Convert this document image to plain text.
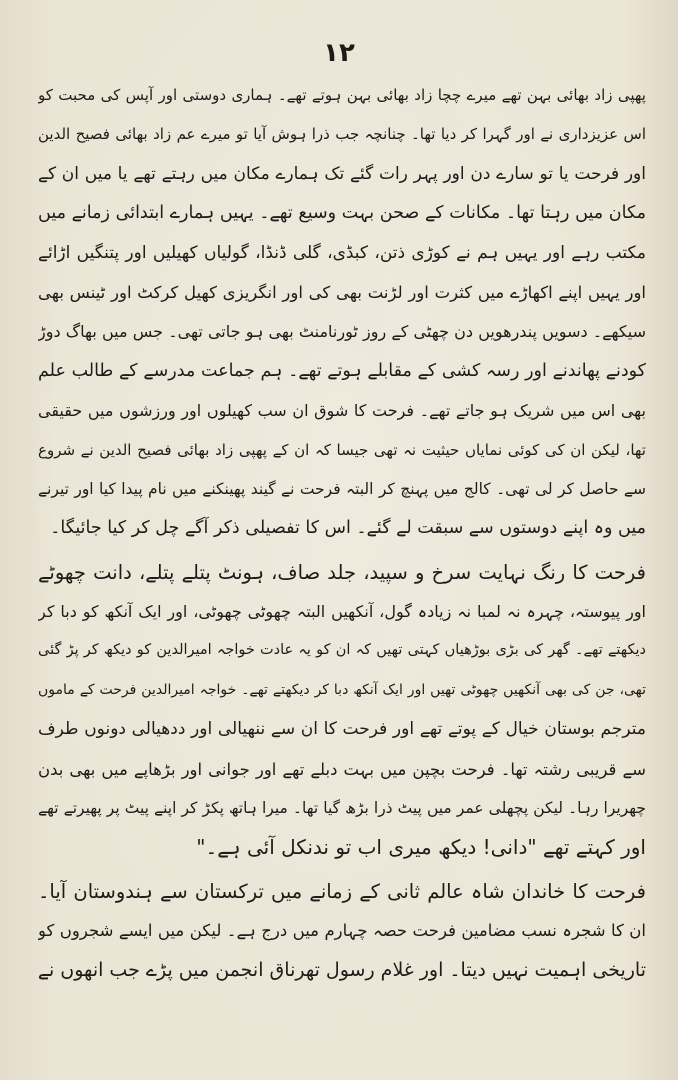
۱۲
پھپی زاد بھائی بہن تھے میرے چچا زاد بھائی بہن ہوتے تھے۔ ہماری دوستی اور آپس کی محبت کو
اس عزیزداری نے اور گہرا کر دیا تھا۔ چنانچہ جب ذرا ہوش آیا تو میرے عم زاد بھائی فصیح الدین
اور فرحت یا تو سارے دن اور پہر رات گئے تک ہمارے مکان میں رہتے تھے یا میں ان کے
مکان میں رہتا تھا۔ مکانات کے صحن بہت وسیع تھے۔ یہیں ہمارے ابتدائی زمانے میں
مکتب رہے اور یہیں ہم نے کوڑی ذتن، کبڈی، گلی ڈنڈا، گولیاں کھیلیں اور پتنگیں اڑائے
اور یہیں اپنے اکھاڑے میں کثرت اور لڑنت بھی کی اور انگریزی کھیل کرکٹ اور ٹینس بھی
سیکھے۔ دسویں پندرھویں دن چھٹی کے روز ٹورنامنٹ بھی ہو جاتی تھی۔ جس میں بھاگ دوڑ
کودنے پھاندنے اور رسہ کشی کے مقابلے ہوتے تھے۔ ہم جماعت مدرسے کے طالب علم
بھی اس میں شریک ہو جاتے تھے۔ فرحت کا شوق ان سب کھیلوں اور ورزشوں میں حقیقی
تھا، لیکن ان کی کوئی نمایاں حیثیت نہ تھی جیسا کہ ان کے پھپی زاد بھائی فصیح الدین نے شروع
سے حاصل کر لی تھی۔ کالج میں پہنچ کر البتہ فرحت نے گیند پھینکنے میں نام پیدا کیا اور تیرنے
میں وہ اپنے دوستوں سے سبقت لے گئے۔ اس کا تفصیلی ذکر آگے چل کر کیا جائیگا۔
فرحت کا رنگ نہایت سرخ و سپید، جلد صاف، ہونٹ پتلے پتلے، دانت چھوٹے
اور پیوستہ، چہرہ نہ لمبا نہ زیادہ گول، آنکھیں البتہ چھوٹی چھوٹی، اور ایک آنکھ کو دبا کر
دیکھتے تھے۔ گھر کی بڑی بوڑھیاں کہتی تھیں کہ ان کو یہ عادت خواجہ امیرالدین کو دیکھ کر پڑ گئی
تھی، جن کی بھی آنکھیں چھوٹی تھیں اور ایک آنکھ دبا کر دیکھتے تھے۔ خواجہ امیرالدین فرحت کے ماموں
مترجم بوستان خیال کے پوتے تھے اور فرحت کا ان سے ننھیالی اور ددھیالی دونوں طرف
سے قریبی رشتہ تھا۔ فرحت بچپن میں بہت دبلے تھے اور جوانی اور بڑھاپے میں بھی بدن
چھریرا رہا۔ لیکن پچھلی عمر میں پیٹ ذرا بڑھ گیا تھا۔ میرا ہاتھ پکڑ کر اپنے پیٹ پر پھیرتے تھے
اور کہتے تھے "دانی! دیکھ میری اب تو ندنکل آئی ہے۔"
فرحت کا خاندان شاہ عالم ثانی کے زمانے میں ترکستان سے ہندوستان آیا۔
ان کا شجرہ نسب مضامین فرحت حصہ چہارم میں درج ہے۔ لیکن میں ایسے شجروں کو
تاریخی اہمیت نہیں دیتا۔ اور غلام رسول تھرناق انجمن میں پڑے جب انھوں نے
